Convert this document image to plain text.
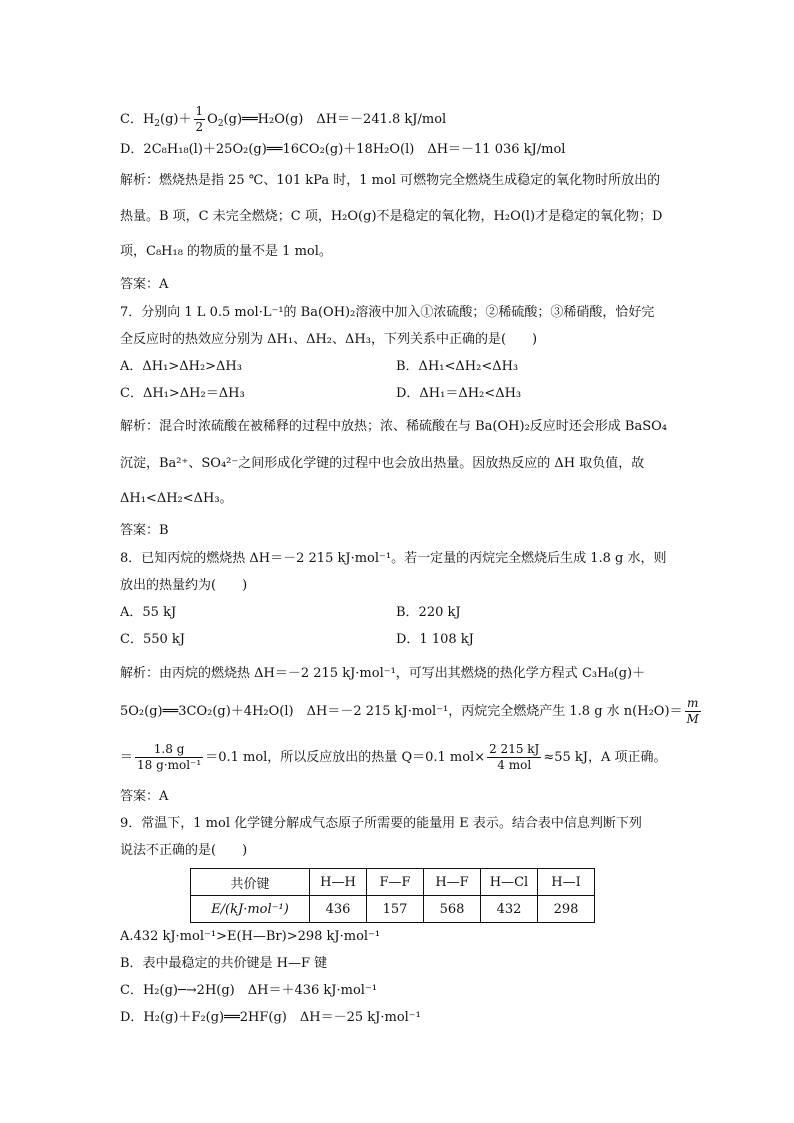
C．$H_2(g)+ \frac{1}{2}$ $O_2(g)══H_2O(g)$　ΔH＝－241.8 kJ/mol
D．2C₈H₁₈(l)＋25O₂(g)══16CO₂(g)＋18H₂O(l)　ΔH＝－11 036 kJ/mol
解析：燃烧热是指 25 ℃、101 kPa 时，1 mol 可燃物完全燃烧生成稳定的氧化物时所放出的
热量。B 项，C 未完全燃烧；C 项，H₂O(g)不是稳定的氧化物，H₂O(l)才是稳定的氧化物；D
项，C₈H₁₈ 的物质的量不是 1 mol。
答案：A
7．分别向 1 L 0.5 mol·L⁻¹的 Ba(OH)₂溶液中加入①浓硫酸；②稀硫酸；③稀硝酸，恰好完
全反应时的热效应分别为 ΔH₁、ΔH₂、ΔH₃，下列关系中正确的是(　　)
A．ΔH₁>ΔH₂>ΔH₃	B．ΔH₁<ΔH₂<ΔH₃
C．ΔH₁>ΔH₂＝ΔH₃	D．ΔH₁＝ΔH₂<ΔH₃
解析：混合时浓硫酸在被稀释的过程中放热；浓、稀硫酸在与 Ba(OH)₂反应时还会形成 BaSO₄
沉淀，Ba²⁺、SO₄²⁻之间形成化学键的过程中也会放出热量。因放热反应的 ΔH 取负值，故
ΔH₁<ΔH₂<ΔH₃。
答案：B
8．已知丙烷的燃烧热 ΔH＝－2 215 kJ·mol⁻¹。若一定量的丙烷完全燃烧后生成 1.8 g 水，则
放出的热量约为(　　)
A．55 kJ	B．220 kJ
C．550 kJ	D．1 108 kJ
解析：由丙烷的燃烧热 ΔH＝－2 215 kJ·mol⁻¹，可写出其燃烧的热化学方程式 C₃H₈(g)＋
5O₂(g)══3CO₂(g)＋4H₂O(l)　ΔH＝－2 215 kJ·mol⁻¹，丙烷完全燃烧产生 1.8 g 水 $n(H_2O)= \frac{m}{M}$
＝ $\frac{1.8 g}{\text{18 g·mol⁻¹}} =0.1$ mol，所以反应放出的热量 Q＝0.1 $mol\times \frac{2 215 kJ}{\text{4 mol}} \approx 55$ kJ，A 项正确。
答案：A
9．常温下，1 mol 化学键分解成气态原子所需要的能量用 E 表示。结合表中信息判断下列
说法不正确的是(　　)
共价键	H—H	F—F	H—F	H—Cl	H—I
E/(kJ·mol⁻¹)	436	157	568	432	298
A.432 kJ·mol⁻¹>E(H—Br)>298 kJ·mol⁻¹
B．表中最稳定的共价键是 H—F 键
C．H₂(g)─→2H(g)　ΔH＝＋436 kJ·mol⁻¹
D．H₂(g)＋F₂(g)══2HF(g)　ΔH＝－25 kJ·mol⁻¹
